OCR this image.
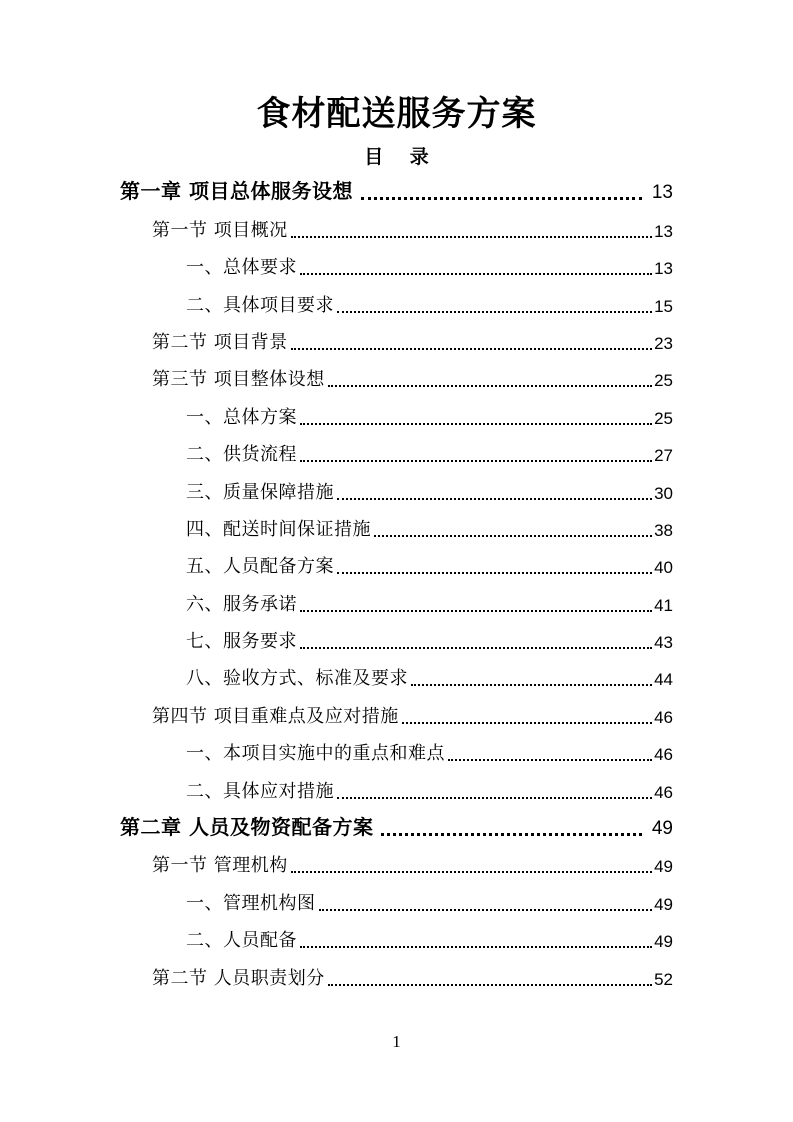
食材配送服务方案
目 录
第一章 项目总体服务设想	13
第一节 项目概况	13
一、总体要求	13
二、具体项目要求	15
第二节 项目背景	23
第三节 项目整体设想	25
一、总体方案	25
二、供货流程	27
三、质量保障措施	30
四、配送时间保证措施	38
五、人员配备方案	40
六、服务承诺	41
七、服务要求	43
八、验收方式、标准及要求	44
第四节 项目重难点及应对措施	46
一、本项目实施中的重点和难点	46
二、具体应对措施	46
第二章 人员及物资配备方案	49
第一节 管理机构	49
一、管理机构图	49
二、人员配备	49
第二节 人员职责划分	52
1
